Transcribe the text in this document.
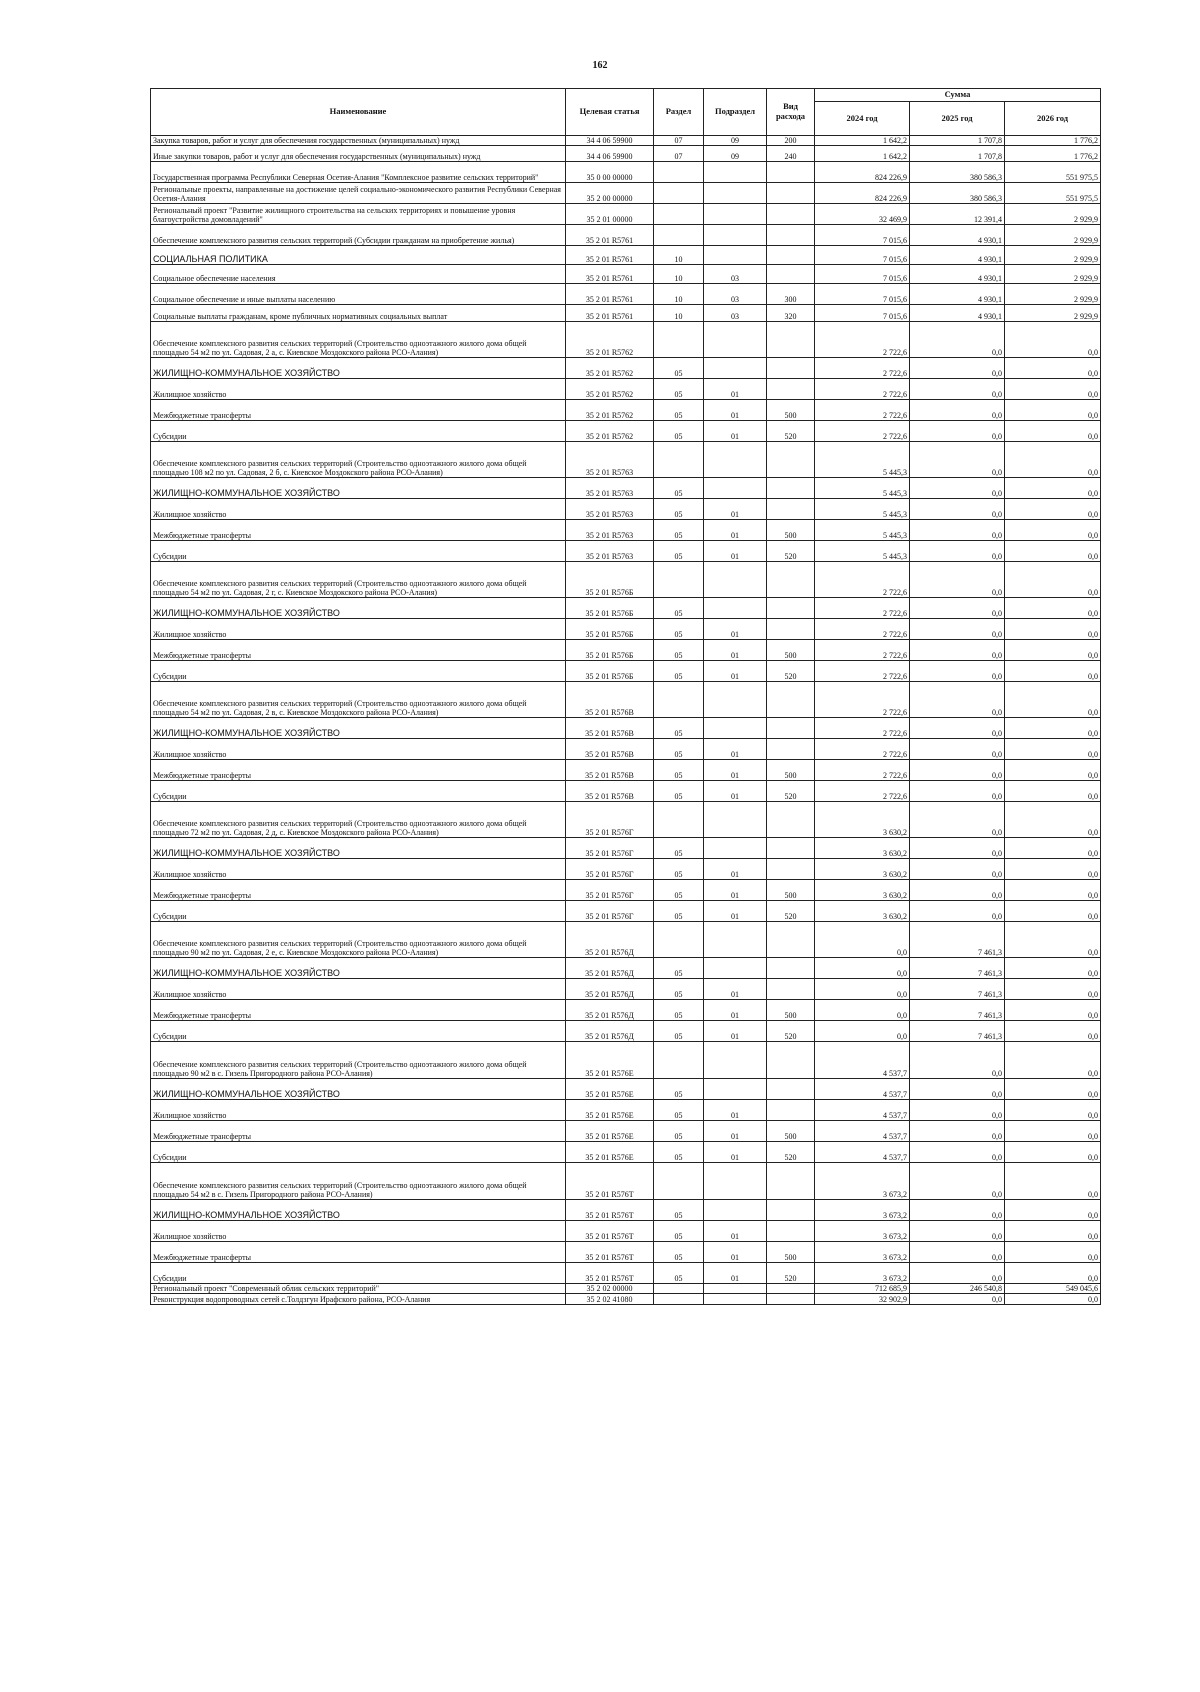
162
Наименование	Целевая статья	Раздел	Подраздел	Вид расхода	Сумма		
					2024 год	2025 год	2026 год
Закупка товаров, работ и услуг для обеспечения государственных (муниципальных) нужд	34 4 06 59900	07	09	200	1 642,2	1 707,8	1 776,2
Иные закупки товаров, работ и услуг для обеспечения государственных (муниципальных) нужд	34 4 06 59900	07	09	240	1 642,2	1 707,8	1 776,2
Государственная программа Республики Северная Осетия-Алания "Комплексное развитие сельских территорий"	35 0 00 00000				824 226,9	380 586,3	551 975,5
Региональные проекты, направленные на достижение целей социально-экономического развития Республики Северная Осетия-Алания	35 2 00 00000				824 226,9	380 586,3	551 975,5
Региональный проект "Развитие жилищного строительства на сельских территориях и повышение уровня благоустройства домовладений"	35 2 01 00000				32 469,9	12 391,4	2 929,9
Обеспечение комплексного развития сельских территорий (Субсидии гражданам на приобретение жилья)	35 2 01 R5761				7 015,6	4 930,1	2 929,9
СОЦИАЛЬНАЯ ПОЛИТИКА	35 2 01 R5761	10			7 015,6	4 930,1	2 929,9
Социальное обеспечение населения	35 2 01 R5761	10	03		7 015,6	4 930,1	2 929,9
Социальное обеспечение и иные выплаты населению	35 2 01 R5761	10	03	300	7 015,6	4 930,1	2 929,9
Социальные выплаты гражданам, кроме публичных нормативных социальных выплат	35 2 01 R5761	10	03	320	7 015,6	4 930,1	2 929,9
Обеспечение комплексного развития сельских территорий (Строительство одноэтажного жилого дома общей площадью 54 м2 по ул. Садовая, 2 а, с. Киевское Моздокского района РСО-Алания)	35 2 01 R5762				2 722,6	0,0	0,0
ЖИЛИЩНО-КОММУНАЛЬНОЕ ХОЗЯЙСТВО	35 2 01 R5762	05			2 722,6	0,0	0,0
Жилищное хозяйство	35 2 01 R5762	05	01		2 722,6	0,0	0,0
Межбюджетные трансферты	35 2 01 R5762	05	01	500	2 722,6	0,0	0,0
Субсидии	35 2 01 R5762	05	01	520	2 722,6	0,0	0,0
Обеспечение комплексного развития сельских территорий (Строительство одноэтажного жилого дома общей площадью 108 м2 по ул. Садовая, 2 б, с. Киевское Моздокского района РСО-Алания)	35 2 01 R5763				5 445,3	0,0	0,0
ЖИЛИЩНО-КОММУНАЛЬНОЕ ХОЗЯЙСТВО	35 2 01 R5763	05			5 445,3	0,0	0,0
Жилищное хозяйство	35 2 01 R5763	05	01		5 445,3	0,0	0,0
Межбюджетные трансферты	35 2 01 R5763	05	01	500	5 445,3	0,0	0,0
Субсидии	35 2 01 R5763	05	01	520	5 445,3	0,0	0,0
Обеспечение комплексного развития сельских территорий (Строительство одноэтажного жилого дома общей площадью 54 м2 по ул. Садовая, 2 г, с. Киевское Моздокского района РСО-Алания)	35 2 01 R576Б				2 722,6	0,0	0,0
ЖИЛИЩНО-КОММУНАЛЬНОЕ ХОЗЯЙСТВО	35 2 01 R576Б	05			2 722,6	0,0	0,0
Жилищное хозяйство	35 2 01 R576Б	05	01		2 722,6	0,0	0,0
Межбюджетные трансферты	35 2 01 R576Б	05	01	500	2 722,6	0,0	0,0
Субсидии	35 2 01 R576Б	05	01	520	2 722,6	0,0	0,0
Обеспечение комплексного развития сельских территорий (Строительство одноэтажного жилого дома общей площадью 54 м2 по ул. Садовая, 2 в, с. Киевское Моздокского района РСО-Алания)	35 2 01 R576В				2 722,6	0,0	0,0
ЖИЛИЩНО-КОММУНАЛЬНОЕ ХОЗЯЙСТВО	35 2 01 R576В	05			2 722,6	0,0	0,0
Жилищное хозяйство	35 2 01 R576В	05	01		2 722,6	0,0	0,0
Межбюджетные трансферты	35 2 01 R576В	05	01	500	2 722,6	0,0	0,0
Субсидии	35 2 01 R576В	05	01	520	2 722,6	0,0	0,0
Обеспечение комплексного развития сельских территорий (Строительство одноэтажного жилого дома общей площадью 72 м2 по ул. Садовая, 2 д, с. Киевское Моздокского района РСО-Алания)	35 2 01 R576Г				3 630,2	0,0	0,0
ЖИЛИЩНО-КОММУНАЛЬНОЕ ХОЗЯЙСТВО	35 2 01 R576Г	05			3 630,2	0,0	0,0
Жилищное хозяйство	35 2 01 R576Г	05	01		3 630,2	0,0	0,0
Межбюджетные трансферты	35 2 01 R576Г	05	01	500	3 630,2	0,0	0,0
Субсидии	35 2 01 R576Г	05	01	520	3 630,2	0,0	0,0
Обеспечение комплексного развития сельских территорий (Строительство одноэтажного жилого дома общей площадью 90 м2 по ул. Садовая, 2 е, с. Киевское Моздокского района РСО-Алания)	35 2 01 R576Д				0,0	7 461,3	0,0
ЖИЛИЩНО-КОММУНАЛЬНОЕ ХОЗЯЙСТВО	35 2 01 R576Д	05			0,0	7 461,3	0,0
Жилищное хозяйство	35 2 01 R576Д	05	01		0,0	7 461,3	0,0
Межбюджетные трансферты	35 2 01 R576Д	05	01	500	0,0	7 461,3	0,0
Субсидии	35 2 01 R576Д	05	01	520	0,0	7 461,3	0,0
Обеспечение комплексного развития сельских территорий (Строительство одноэтажного жилого дома общей площадью 90 м2 в с. Гизель Пригородного района РСО-Алания)	35 2 01 R576Е				4 537,7	0,0	0,0
ЖИЛИЩНО-КОММУНАЛЬНОЕ ХОЗЯЙСТВО	35 2 01 R576Е	05			4 537,7	0,0	0,0
Жилищное хозяйство	35 2 01 R576Е	05	01		4 537,7	0,0	0,0
Межбюджетные трансферты	35 2 01 R576Е	05	01	500	4 537,7	0,0	0,0
Субсидии	35 2 01 R576Е	05	01	520	4 537,7	0,0	0,0
Обеспечение комплексного развития сельских территорий (Строительство одноэтажного жилого дома общей площадью 54 м2 в с. Гизель Пригородного района РСО-Алания)	35 2 01 R576Т				3 673,2	0,0	0,0
ЖИЛИЩНО-КОММУНАЛЬНОЕ ХОЗЯЙСТВО	35 2 01 R576Т	05			3 673,2	0,0	0,0
Жилищное хозяйство	35 2 01 R576Т	05	01		3 673,2	0,0	0,0
Межбюджетные трансферты	35 2 01 R576Т	05	01	500	3 673,2	0,0	0,0
Субсидии	35 2 01 R576Т	05	01	520	3 673,2	0,0	0,0
Региональный проект "Современный облик сельских территорий"	35 2 02 00000				712 685,9	246 540,8	549 045,6
Реконструкция водопроводных сетей с.Толдзгун Ирафского района, РСО-Алания	35 2 02 41080				32 902,9	0,0	0,0
